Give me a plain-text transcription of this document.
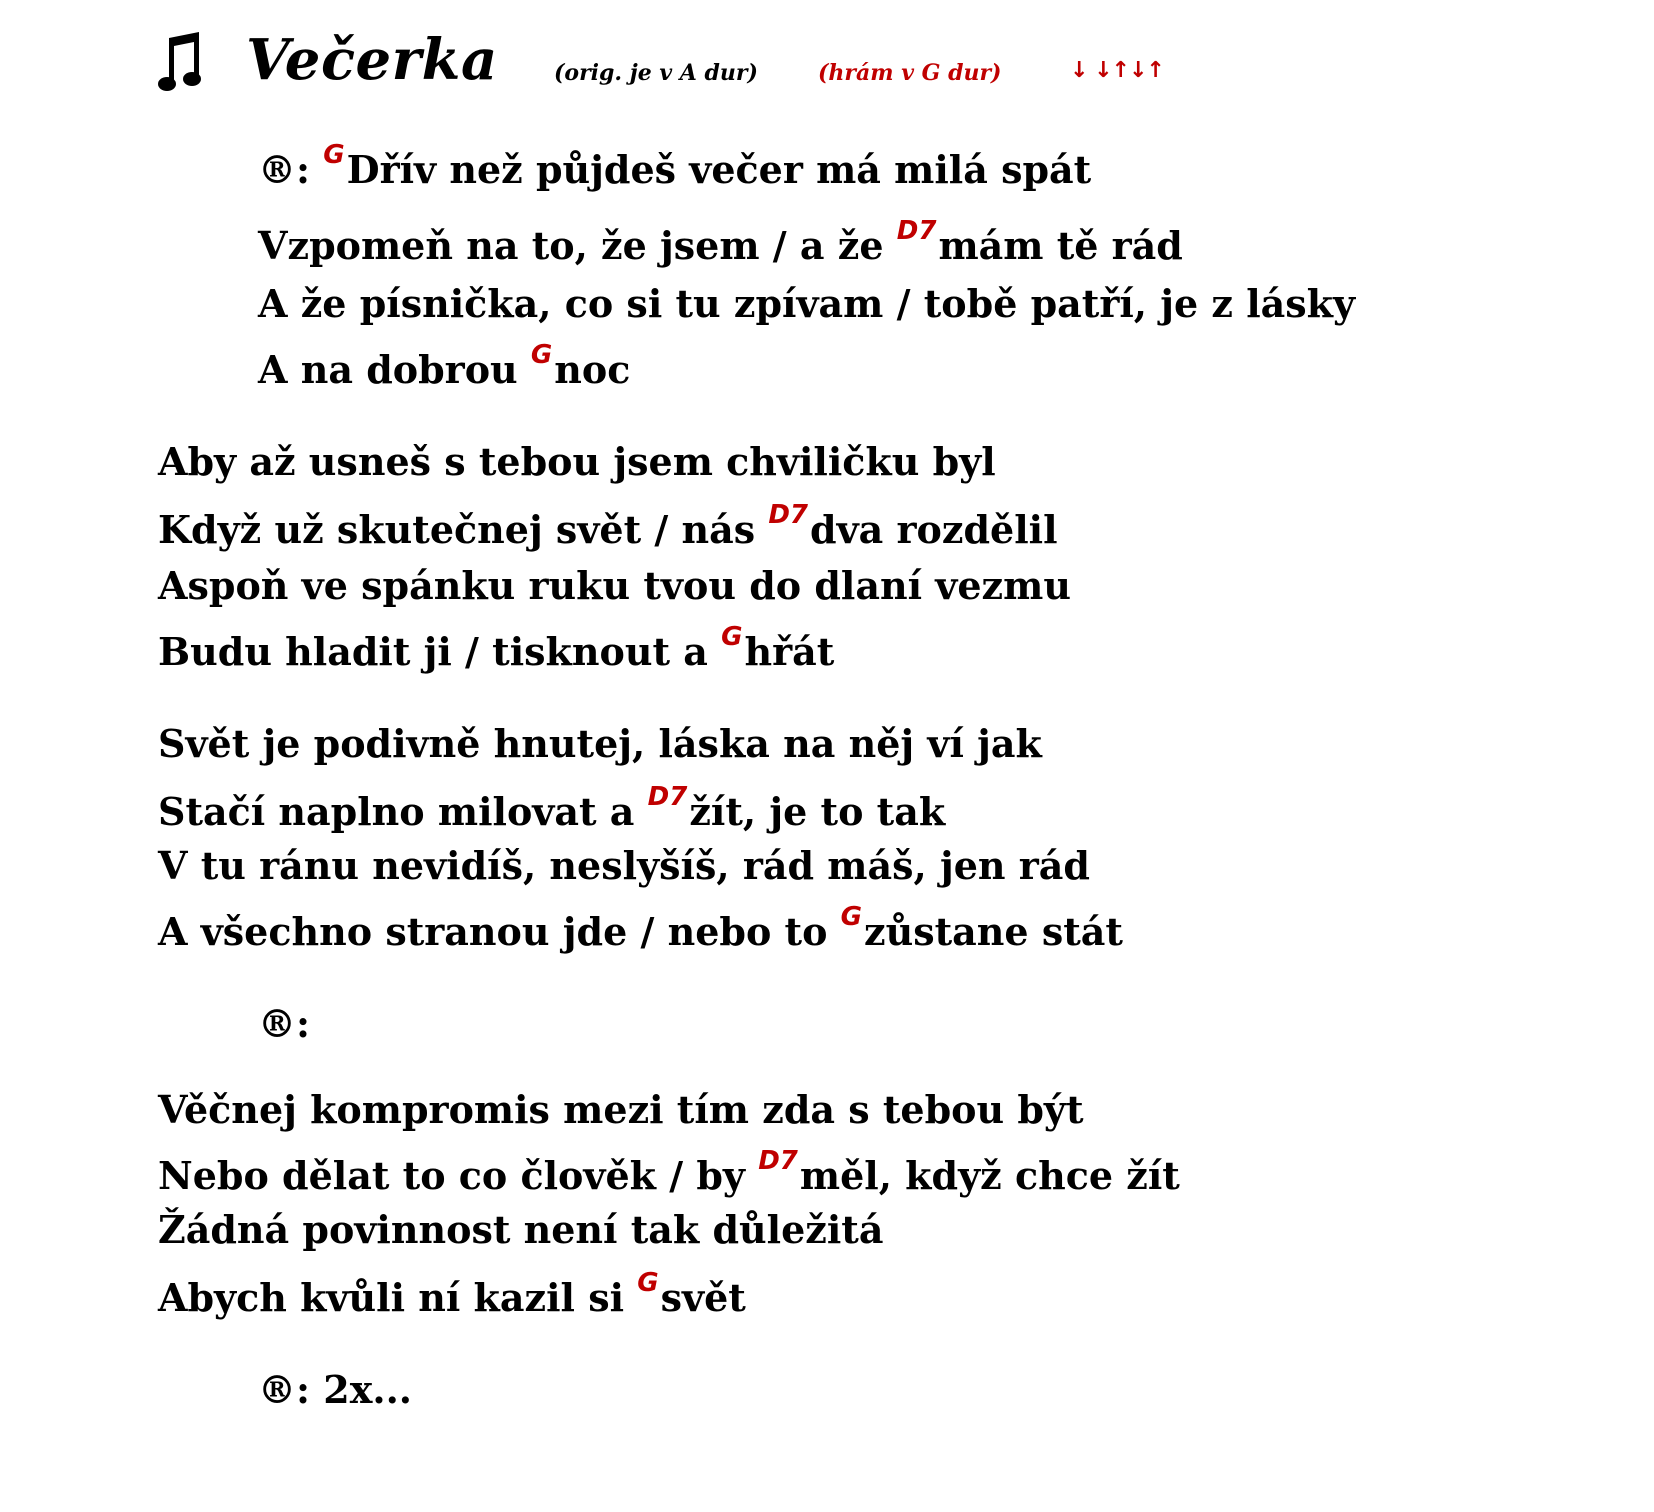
Večerka	(orig. je v A dur)	(hrám v G dur)	↓ ↓↑↓↑
®: GDřív než půjdeš večer má milá spát
Vzpomeň na to, že jsem / a že D7mám tě rád
A že písnička, co si tu zpívam / tobě patří, je z lásky
A na dobrou Gnoc
Aby až usneš s tebou jsem chviličku byl
Když už skutečnej svět / nás D7dva rozdělil
Aspoň ve spánku ruku tvou do dlaní vezmu
Budu hladit ji / tisknout a Ghřát
Svět je podivně hnutej, láska na něj ví jak
Stačí naplno milovat a D7žít, je to tak
V tu ránu nevidíš, neslyšíš, rád máš, jen rád
A všechno stranou jde / nebo to Gzůstane stát
®:
Věčnej kompromis mezi tím zda s tebou být
Nebo dělat to co člověk / by D7měl, když chce žít
Žádná povinnost není tak důležitá
Abych kvůli ní kazil si Gsvět
®: 2x...
